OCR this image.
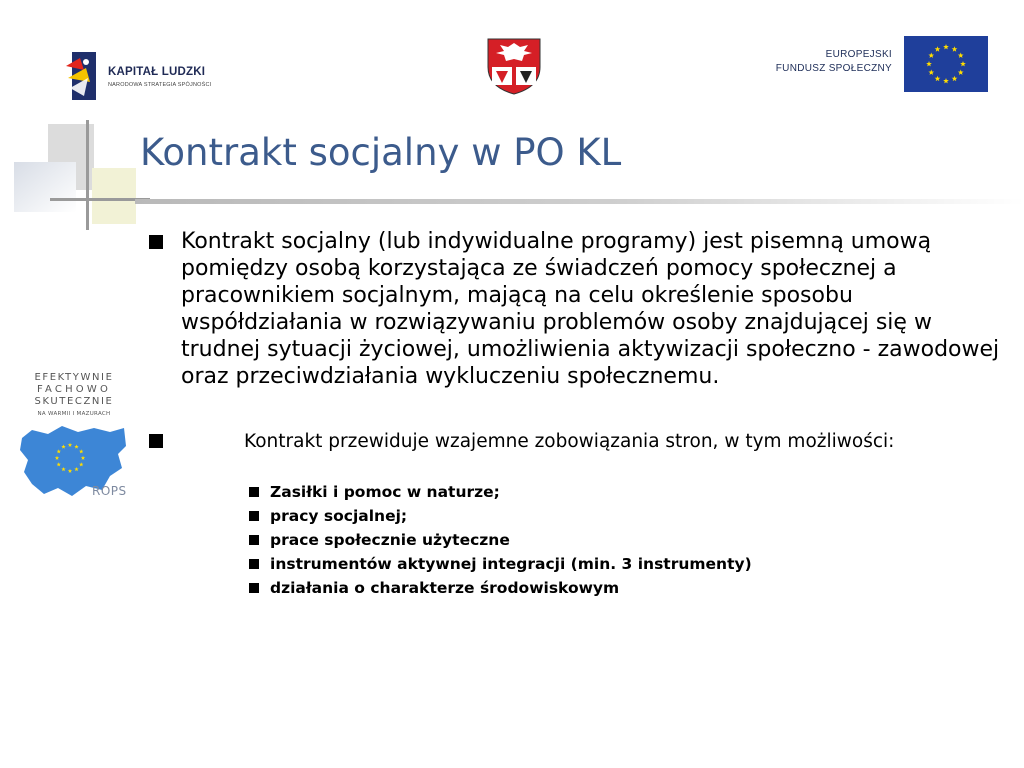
KAPITAŁ LUDZKI
NARODOWA STRATEGIA SPÓJNOŚCI
EUROPEJSKI
FUNDUSZ SPOŁECZNY
Kontrakt socjalny w PO KL
EFEKTYWNIE
FACHOWO
SKUTECZNIE
NA WARMII I MAZURACH
ROPS

Kontrakt socjalny (lub indywidualne programy) jest pisemną umową pomiędzy osobą korzystająca ze świadczeń pomocy społecznej a pracownikiem socjalnym, mającą na celu określenie sposobu współdziałania w rozwiązywaniu problemów osoby znajdującej się w trudnej sytuacji życiowej, umożliwienia aktywizacji społeczno - zawodowej oraz przeciwdziałania wykluczeniu społecznemu.

Kontrakt przewiduje wzajemne zobowiązania stron, w tym możliwości:

Zasiłki i pomoc w naturze;
pracy socjalnej;
prace społecznie użyteczne
instrumentów aktywnej integracji (min. 3 instrumenty)
działania o charakterze środowiskowym
